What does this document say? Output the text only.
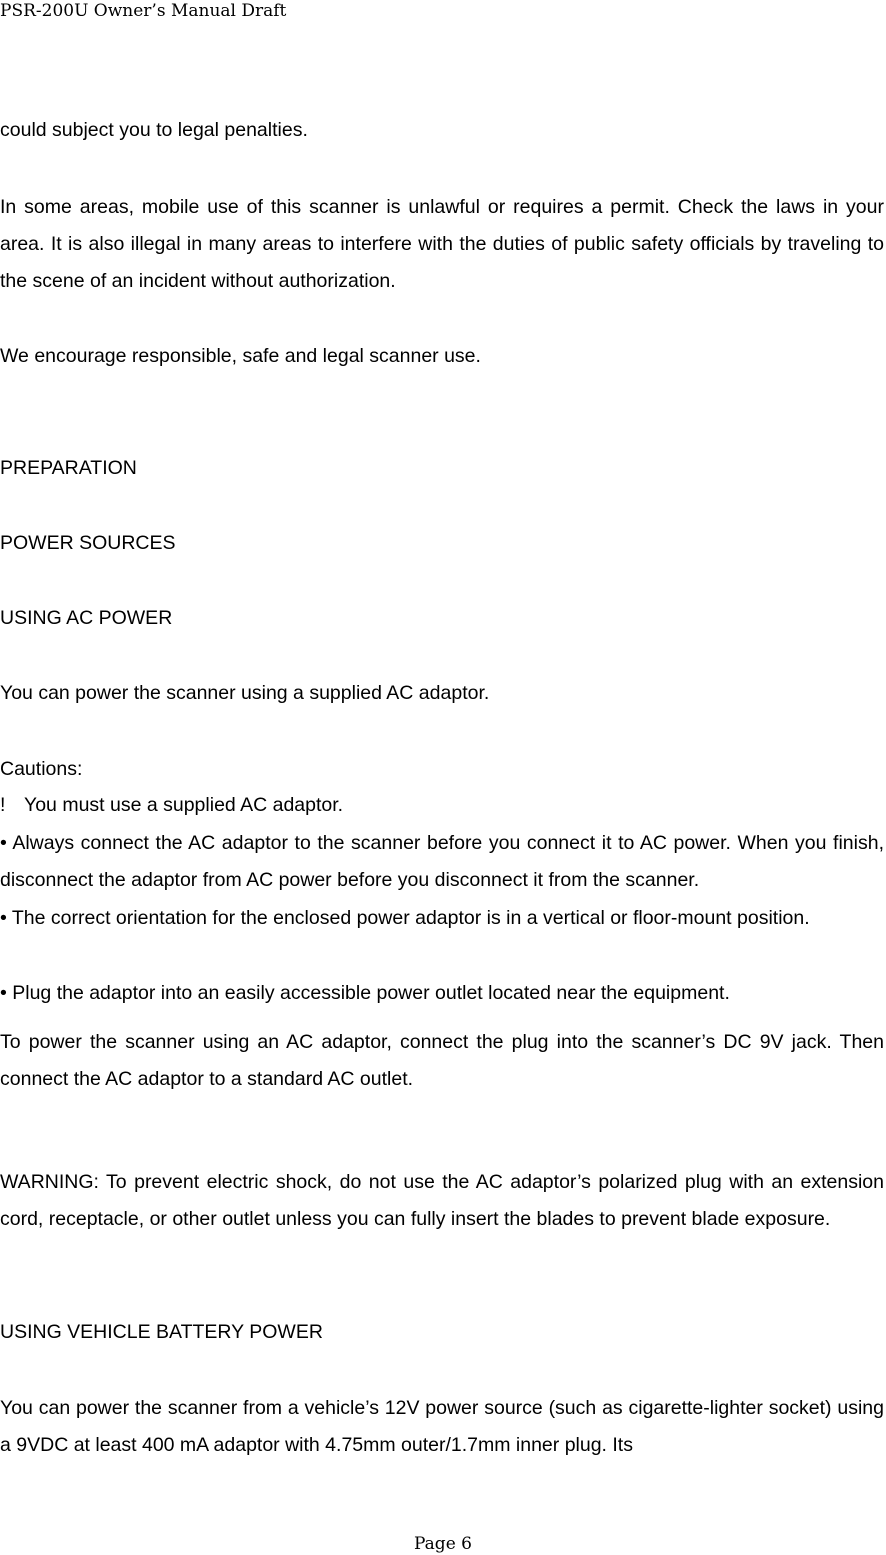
PSR-200U Owner’s Manual Draft

could subject you to legal penalties.

In some areas, mobile use of this scanner is unlawful or requires a permit. Check the laws in your area. It is also illegal in many areas to interfere with the duties of public safety officials by traveling to the scene of an incident without authorization.

We encourage responsible, safe and legal scanner use.

PREPARATION

POWER SOURCES

USING AC POWER

You can power the scanner using a supplied AC adaptor.

Cautions:

! You must use a supplied AC adaptor.

• Always connect the AC adaptor to the scanner before you connect it to AC power. When you finish, disconnect the adaptor from AC power before you disconnect it from the scanner.

• The correct orientation for the enclosed power adaptor is in a vertical or floor-mount position.

• Plug the adaptor into an easily accessible power outlet located near the equipment.

To power the scanner using an AC adaptor, connect the plug into the scanner’s DC 9V jack. Then connect the AC adaptor to a standard AC outlet.

WARNING: To prevent electric shock, do not use the AC adaptor’s polarized plug with an extension cord, receptacle, or other outlet unless you can fully insert the blades to prevent blade exposure.

USING VEHICLE BATTERY POWER

You can power the scanner from a vehicle’s 12V power source (such as cigarette-lighter socket) using a 9VDC at least 400 mA adaptor with 4.75mm outer/1.7mm inner plug. Its

Page 6
